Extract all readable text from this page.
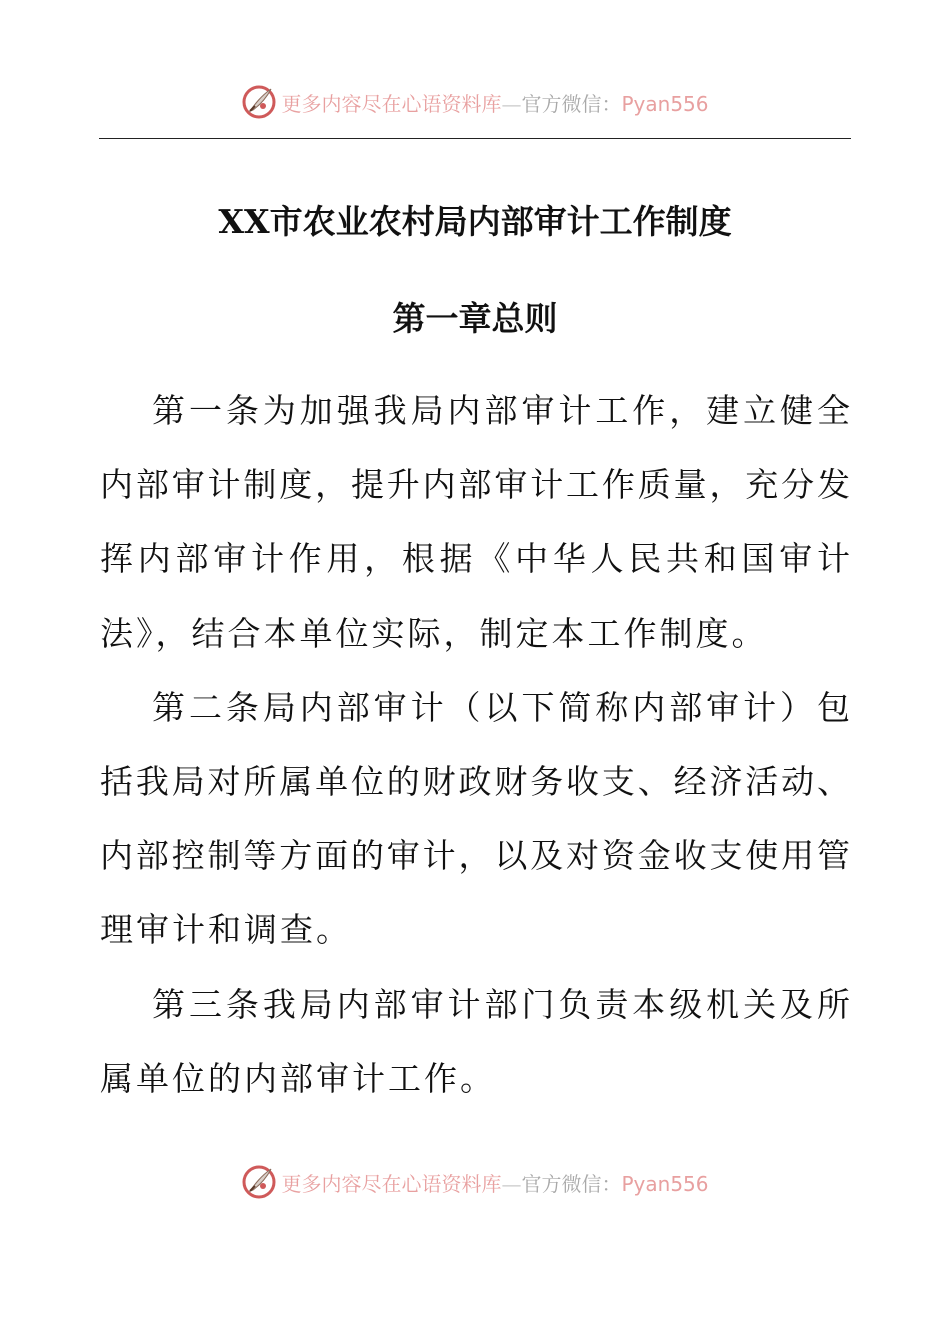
更多内容尽在心语资料库—官方微信：Pyan556
XX市农业农村局内部审计工作制度
第一章总则
第一条为加强我局内部审计工作，建立健全
内部审计制度，提升内部审计工作质量，充分发
挥内部审计作用，根据《中华人民共和国审计
法》，结合本单位实际，制定本工作制度。
第二条局内部审计（以下简称内部审计）包
括我局对所属单位的财政财务收支、经济活动、
内部控制等方面的审计，以及对资金收支使用管
理审计和调查。
第三条我局内部审计部门负责本级机关及所
属单位的内部审计工作。
更多内容尽在心语资料库—官方微信：Pyan556
